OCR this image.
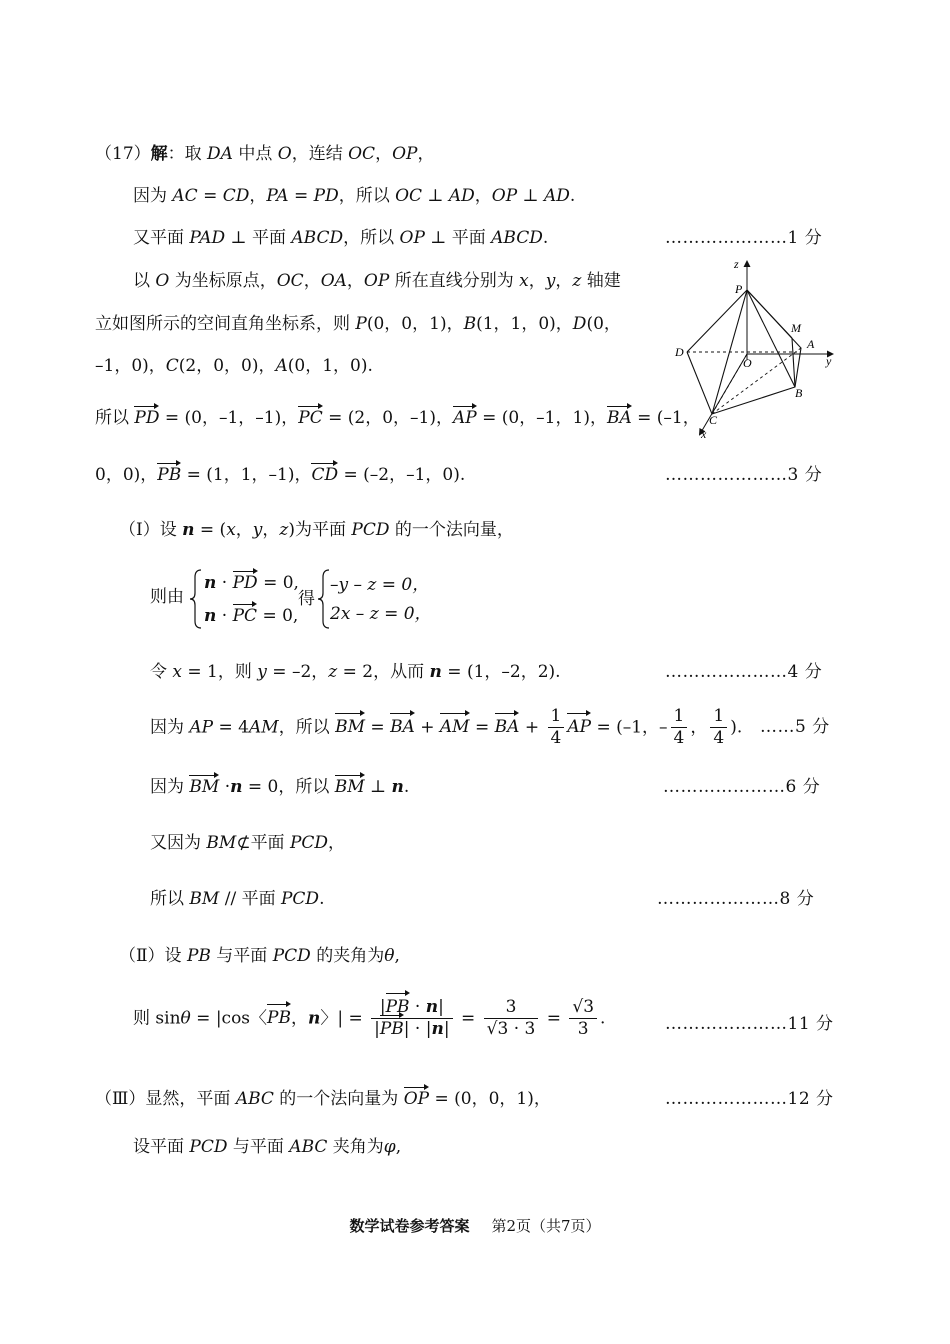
（17）解：取 DA 中点 O，连结 OC，OP，
因为 AC = CD，PA = PD，所以 OC ⊥ AD，OP ⊥ AD.
又平面 PAD ⊥ 平面 ABCD，所以 OP ⊥ 平面 ABCD.	…………………1 分
以 O 为坐标原点，OC，OA，OP 所在直线分别为 x，y，z 轴建
立如图所示的空间直角坐标系，则 P(0，0，1)，B(1，1，0)，D(0，
–1，0)，C(2，0，0)，A(0，1，0).
z
P
M
A
y
D
O
B
C
x
所以 PD = (0，–1，–1)，PC = (2，0，–1)，AP = (0，–1，1)，BA = (–1，
0，0)，PB = (1，1，–1)，CD = (–2，–1，0).	…………………3 分
（Ⅰ）设 n = (x，y，z)为平面 PCD 的一个法向量，
则由
n · PD = 0,
n · PC = 0,
得
–y – z = 0，
2x – z = 0，
令 x = 1，则 y = –2，z = 2，从而 n = (1，–2，2).	…………………4 分
因为 AP = 4AM，所以 BM = BA + AM = BA + $\frac{1}{4}$ AP = (–1，– $\frac{1}{4}$ ， $\frac{1}{4}$ ). ……5 分
因为 BM ·n = 0，所以 BM ⊥ n.	…………………6 分
又因为 BM⊄平面 PCD，
所以 BM // 平面 PCD.	…………………8 分
（Ⅱ）设 PB 与平面 PCD 的夹角为θ,
则 sinθ = |cos〈PB，n〉| = $\frac{|PB \cdot n|}{|PB| \cdot |n|} = \frac{3}{√3 \cdot 3} = \frac{√3}{3}$ .	…………………11 分
（Ⅲ）显然，平面 ABC 的一个法向量为 OP = (0，0，1)，	…………………12 分
设平面 PCD 与平面 ABC 夹角为φ,
数学试卷参考答案 第2页（共7页）
